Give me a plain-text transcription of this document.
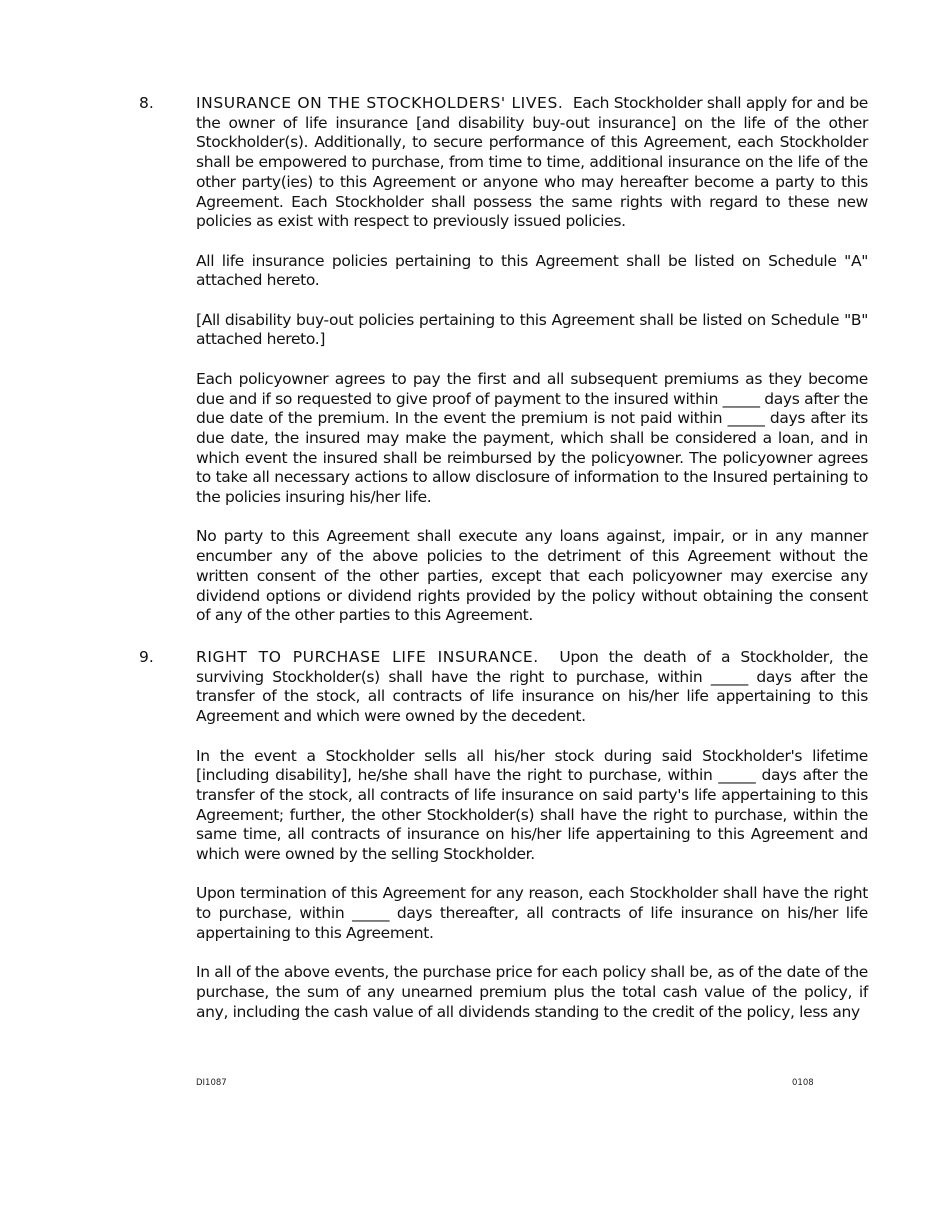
8.	INSURANCE ON THE STOCKHOLDERS' LIVES. Each Stockholder shall apply for and be the owner of life insurance [and disability buy-out insurance] on the life of the other Stockholder(s). Additionally, to secure performance of this Agreement, each Stockholder shall be empowered to purchase, from time to time, additional insurance on the life of the other party(ies) to this Agreement or anyone who may hereafter become a party to this Agreement. Each Stockholder shall possess the same rights with regard to these new policies as exist with respect to previously issued policies.

All life insurance policies pertaining to this Agreement shall be listed on Schedule "A" attached hereto.

[All disability buy-out policies pertaining to this Agreement shall be listed on Schedule "B" attached hereto.]

Each policyowner agrees to pay the first and all subsequent premiums as they become due and if so requested to give proof of payment to the insured within _____ days after the due date of the premium. In the event the premium is not paid within _____ days after its due date, the insured may make the payment, which shall be considered a loan, and in which event the insured shall be reimbursed by the policyowner. The policyowner agrees to take all necessary actions to allow disclosure of information to the Insured pertaining to the policies insuring his/her life.

No party to this Agreement shall execute any loans against, impair, or in any manner encumber any of the above policies to the detriment of this Agreement without the written consent of the other parties, except that each policyowner may exercise any dividend options or dividend rights provided by the policy without obtaining the consent of any of the other parties to this Agreement.

9.	RIGHT TO PURCHASE LIFE INSURANCE. Upon the death of a Stockholder, the surviving Stockholder(s) shall have the right to purchase, within _____ days after the transfer of the stock, all contracts of life insurance on his/her life appertaining to this Agreement and which were owned by the decedent.

In the event a Stockholder sells all his/her stock during said Stockholder's lifetime [including disability], he/she shall have the right to purchase, within _____ days after the transfer of the stock, all contracts of life insurance on said party's life appertaining to this Agreement; further, the other Stockholder(s) shall have the right to purchase, within the same time, all contracts of insurance on his/her life appertaining to this Agreement and which were owned by the selling Stockholder.

Upon termination of this Agreement for any reason, each Stockholder shall have the right to purchase, within _____ days thereafter, all contracts of life insurance on his/her life appertaining to this Agreement.

In all of the above events, the purchase price for each policy shall be, as of the date of the purchase, the sum of any unearned premium plus the total cash value of the policy, if any, including the cash value of all dividends standing to the credit of the policy, less any

DI1087	0108
